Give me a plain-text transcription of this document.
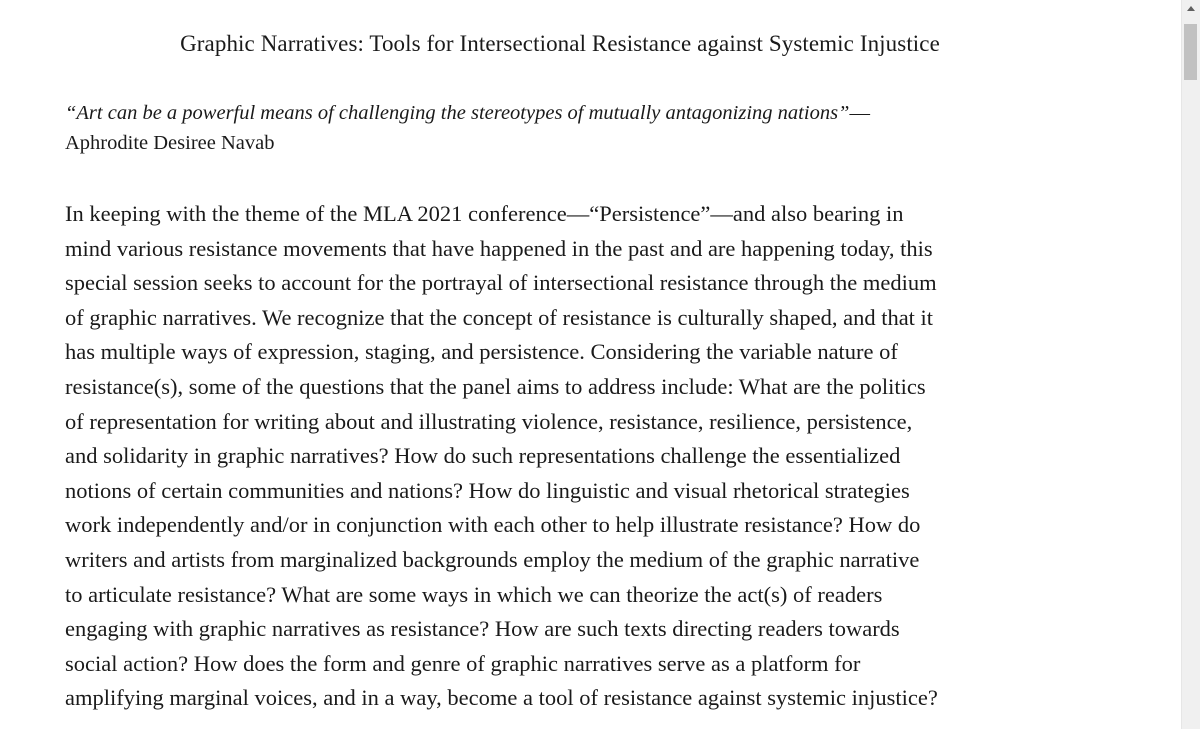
Graphic Narratives: Tools for Intersectional Resistance against Systemic Injustice
“Art can be a powerful means of challenging the stereotypes of mutually antagonizing nations”—
Aphrodite Desiree Navab
In keeping with the theme of the MLA 2021 conference—“Persistence”—and also bearing in
mind various resistance movements that have happened in the past and are happening today, this
special session seeks to account for the portrayal of intersectional resistance through the medium
of graphic narratives. We recognize that the concept of resistance is culturally shaped, and that it
has multiple ways of expression, staging, and persistence. Considering the variable nature of
resistance(s), some of the questions that the panel aims to address include: What are the politics
of representation for writing about and illustrating violence, resistance, resilience, persistence,
and solidarity in graphic narratives? How do such representations challenge the essentialized
notions of certain communities and nations? How do linguistic and visual rhetorical strategies
work independently and/or in conjunction with each other to help illustrate resistance? How do
writers and artists from marginalized backgrounds employ the medium of the graphic narrative
to articulate resistance? What are some ways in which we can theorize the act(s) of readers
engaging with graphic narratives as resistance? How are such texts directing readers towards
social action? How does the form and genre of graphic narratives serve as a platform for
amplifying marginal voices, and in a way, become a tool of resistance against systemic injustice?
